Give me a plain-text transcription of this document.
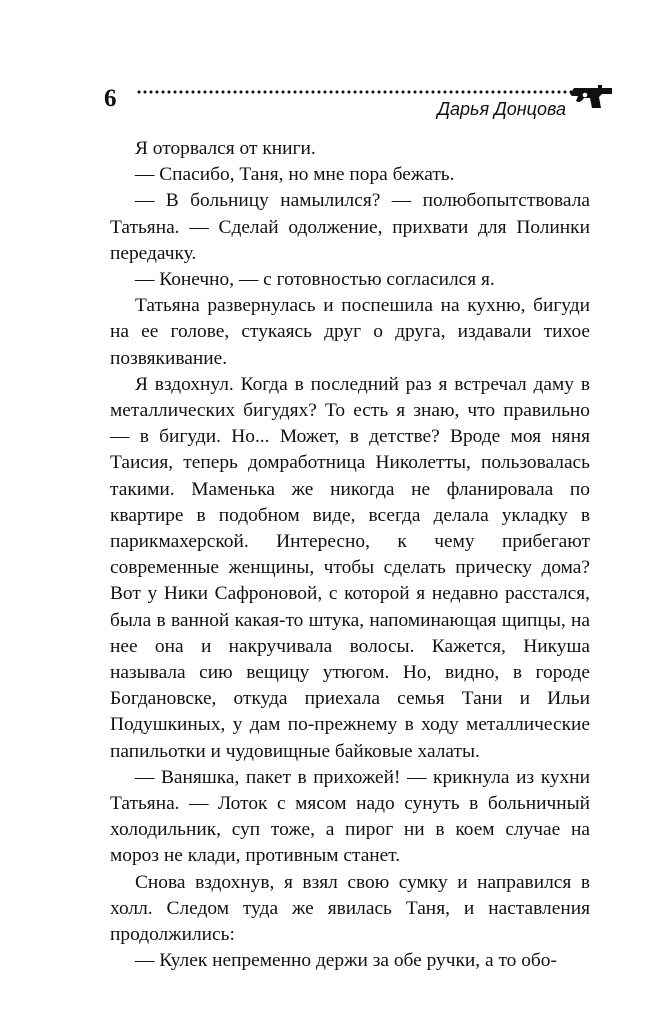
6	Дарья Донцова

Я оторвался от книги.

— Спасибо, Таня, но мне пора бежать.

— В больницу намылился? — полюбопытствовала Татьяна. — Сделай одолжение, прихвати для Полинки передачку.

— Конечно, — с готовностью согласился я.

Татьяна развернулась и поспешила на кухню, бигуди на ее голове, стукаясь друг о друга, издавали тихое позвякивание.

Я вздохнул. Когда в последний раз я встречал даму в металлических бигудях? То есть я знаю, что правильно — в бигуди. Но... Может, в детстве? Вроде моя няня Таисия, теперь домработница Николетты, пользовалась такими. Маменька же никогда не фланировала по квартире в подобном виде, всегда делала укладку в парикмахерской. Интересно, к чему прибегают современные женщины, чтобы сделать прическу дома? Вот у Ники Сафроновой, с которой я недавно расстался, была в ванной какая-то штука, напоминающая щипцы, на нее она и накручивала волосы. Кажется, Никуша называла сию вещицу утюгом. Но, видно, в городе Богдановске, откуда приехала семья Тани и Ильи Подушкиных, у дам по-прежнему в ходу металлические папильотки и чудовищные байковые халаты.

— Ваняшка, пакет в прихожей! — крикнула из кухни Татьяна. — Лоток с мясом надо сунуть в больничный холодильник, суп тоже, а пирог ни в коем случае на мороз не клади, противным станет.

Снова вздохнув, я взял свою сумку и направился в холл. Следом туда же явилась Таня, и наставления продолжились:

— Кулек непременно держи за обе ручки, а то обо-
